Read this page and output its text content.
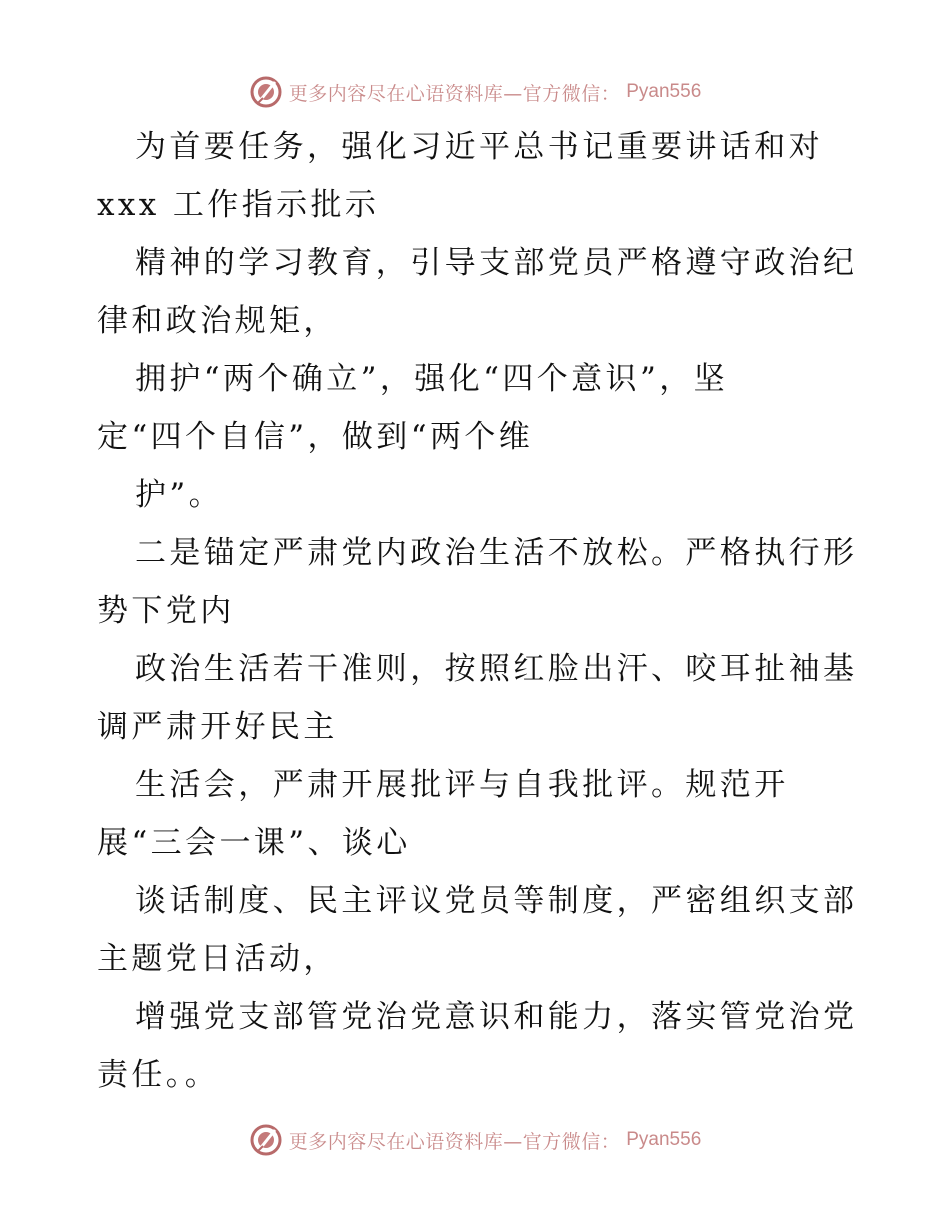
更多内容尽在心语资料库—官方微信： Pyan556
为首要任务，强化习近平总书记重要讲话和对
xxx 工作指示批示
精神的学习教育，引导支部党员严格遵守政治纪
律和政治规矩，
拥护“两个确立”，强化“四个意识”，坚
定“四个自信”，做到“两个维
护”。
二是锚定严肃党内政治生活不放松。严格执行形
势下党内
政治生活若干准则，按照红脸出汗、咬耳扯袖基
调严肃开好民主
生活会，严肃开展批评与自我批评。规范开
展“三会一课”、谈心
谈话制度、民主评议党员等制度，严密组织支部
主题党日活动，
增强党支部管党治党意识和能力，落实管党治党
责任。。
更多内容尽在心语资料库—官方微信： Pyan556
